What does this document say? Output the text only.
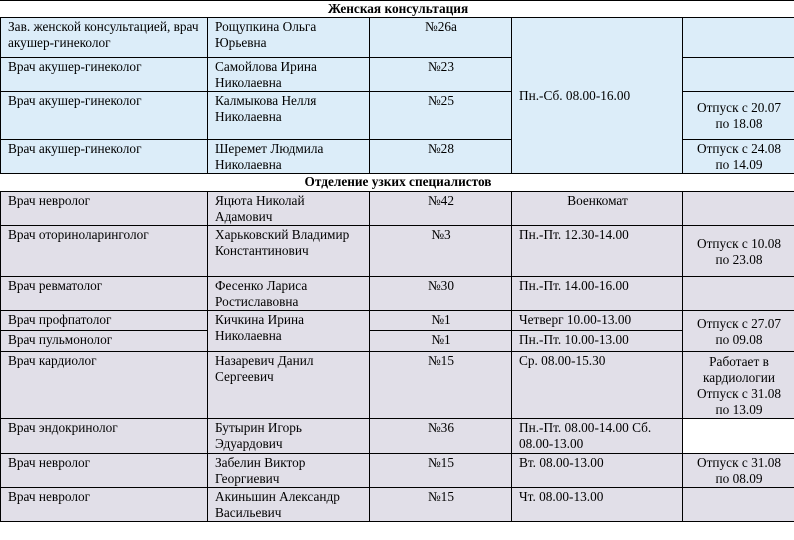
Женская консультация				
Зав. женской консультацией, врач акушер-гинеколог	Рощупкина Ольга Юрьевна	№26а	Пн.-Сб. 08.00-16.00	
Врач акушер-гинеколог	Самойлова Ирина Николаевна	№23		
Врач акушер-гинеколог	Калмыкова Нелля Николаевна	№25		Отпуск с 20.07 по 18.08
Врач акушер-гинеколог	Шеремет Людмила Николаевна	№28		Отпуск с 24.08 по 14.09
Отделение узких специалистов				
Врач невролог	Яцюта Николай Адамович	№42	Военкомат	
Врач оториноларинголог	Харьковский Владимир Константинович	№3	Пн.-Пт. 12.30-14.00	Отпуск с 10.08 по 23.08
Врач ревматолог	Фесенко Лариса Ростиславовна	№30	Пн.-Пт. 14.00-16.00	
Врач профпатолог	Кичкина Ирина Николаевна	№1	Четверг 10.00-13.00	Отпуск с 27.07 по 09.08
Врач пульмонолог		№1	Пн.-Пт. 10.00-13.00	
Врач кардиолог	Назаревич Данил Сергеевич	№15	Ср. 08.00-15.30	Работает в кардиологии Отпуск с 31.08 по 13.09
Врач эндокринолог	Бутырин Игорь Эдуардович	№36	Пн.-Пт. 08.00-14.00 Сб. 08.00-13.00	
Врач невролог	Забелин Виктор Георгиевич	№15	Вт. 08.00-13.00	Отпуск с 31.08 по 08.09
Врач невролог	Акиньшин Александр Васильевич	№15	Чт. 08.00-13.00	
